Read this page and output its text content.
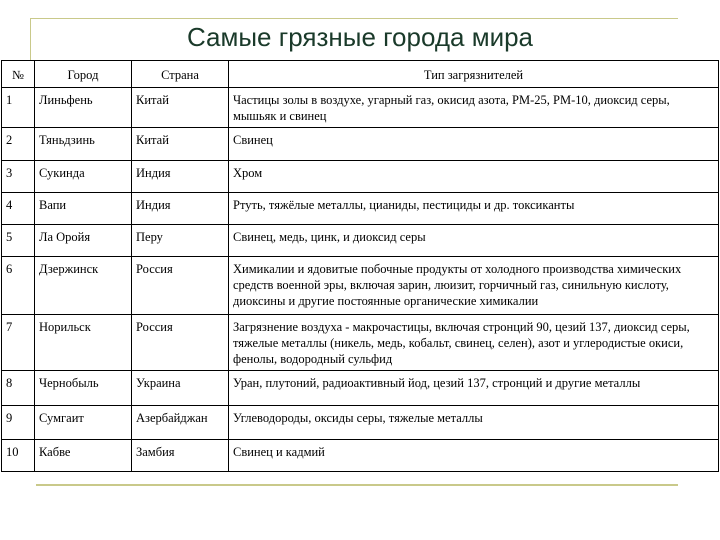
Самые грязные города мира
№	Город	Страна	Тип загрязнителей
1	Линьфень	Китай	Частицы золы в воздухе, угарный газ, окисид азота, PM-25, PM-10, диоксид серы, мышьяк и свинец
2	Тяньдзинь	Китай	Свинец
3	Сукинда	Индия	Хром
4	Вапи	Индия	Ртуть, тяжёлые металлы, цианиды, пестициды и др. токсиканты
5	Ла Оройя	Перу	Свинец, медь, цинк, и диоксид серы
6	Дзержинск	Россия	Химикалии и ядовитые побочные продукты от холодного производства химических средств военной эры, включая зарин, люизит, горчичный газ, синильную кислоту, диоксины и другие постоянные органические химикалии
7	Норильск	Россия	Загрязнение воздуха - макрочастицы, включая стронций 90, цезий 137, диоксид серы, тяжелые металлы (никель, медь, кобальт, свинец, селен), азот и углеродистые окиси, фенолы, водородный сульфид
8	Чернобыль	Украина	Уран, плутоний, радиоактивный йод, цезий 137, стронций и другие металлы
9	Сумгаит	Азербайджан	Углеводороды, оксиды серы, тяжелые металлы
10	Кабве	Замбия	Свинец и кадмий
